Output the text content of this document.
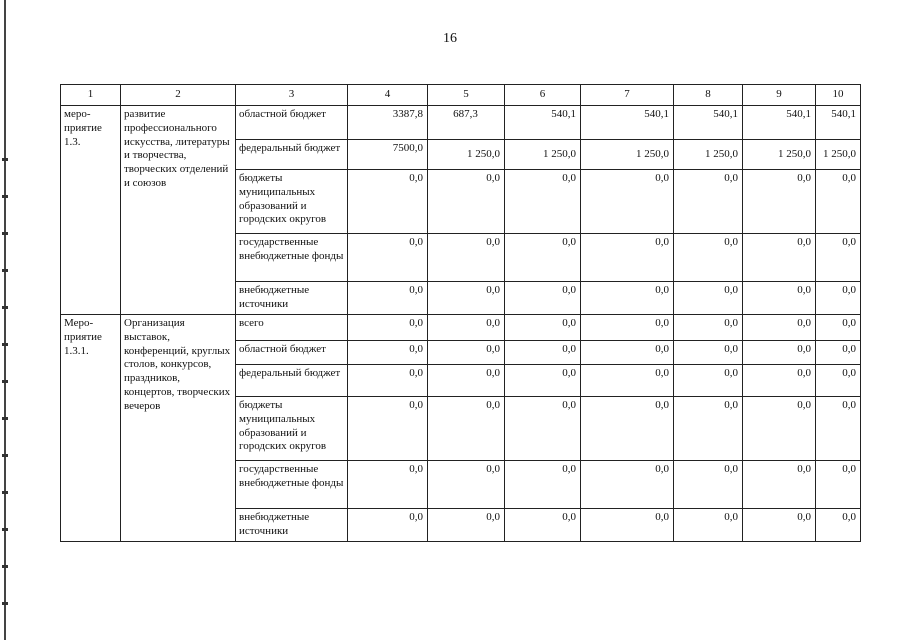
16
1	2	3	4	5	6	7	8	9	10
меро-
приятие
1.3.	развитие профессионального искусства, литературы и творчества, творческих отделений и союзов	областной бюджет	3387,8	687,3	540,1	540,1	540,1	540,1	540,1
		федеральный бюджет	7500,0	1 250,0	1 250,0	1 250,0	1 250,0	1 250,0	1 250,0
		бюджеты муниципальных образований и городских округов	0,0	0,0	0,0	0,0	0,0	0,0	0,0
		государственные внебюджетные фонды	0,0	0,0	0,0	0,0	0,0	0,0	0,0
		внебюджетные источники	0,0	0,0	0,0	0,0	0,0	0,0	0,0
Меро-
приятие
1.3.1.	Организация выставок, конференций, круглых столов, конкурсов, праздников, концертов, творческих вечеров	всего	0,0	0,0	0,0	0,0	0,0	0,0	0,0
		областной бюджет	0,0	0,0	0,0	0,0	0,0	0,0	0,0
		федеральный бюджет	0,0	0,0	0,0	0,0	0,0	0,0	0,0
		бюджеты муниципальных образований и городских округов	0,0	0,0	0,0	0,0	0,0	0,0	0,0
		государственные внебюджетные фонды	0,0	0,0	0,0	0,0	0,0	0,0	0,0
		внебюджетные источники	0,0	0,0	0,0	0,0	0,0	0,0	0,0
